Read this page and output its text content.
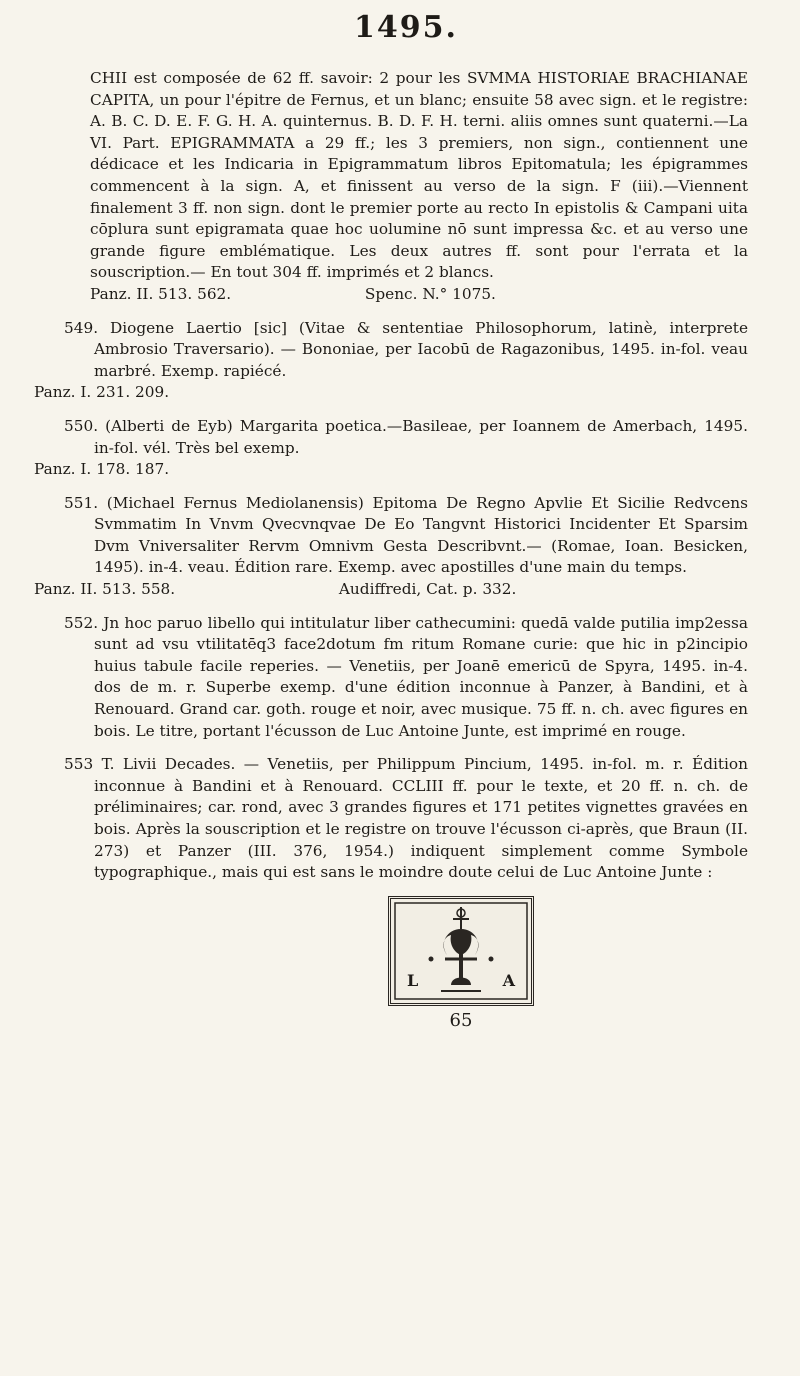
1495.
CHII est composée de 62 ff. savoir: 2 pour les SVMMA HISTORIAE BRACHIANAE CAPITA, un pour l'épitre de Fernus, et un blanc; ensuite 58 avec sign. et le registre: A. B. C. D. E. F. G. H. A. quinternus. B. D. F. H. terni. aliis omnes sunt quaterni.—La VI. Part. EPIGRAMMATA a 29 ff.; les 3 premiers, non sign., contiennent une dédicace et les Indicaria in Epigrammatum libros Epitomatula; les épigrammes commencent à la sign. A, et finissent au verso de la sign. F (iii).—Viennent finalement 3 ff. non sign. dont le premier porte au recto In epistolis & Campani uita cōplura sunt epigramata quae hoc uolumine nō sunt impressa &c. et au verso une grande figure emblématique. Les deux autres ff. sont pour l'errata et la souscription.— En tout 304 ff. imprimés et 2 blancs.
Panz. II. 513. 562.	Spenc. N.° 1075.
549. Diogene Laertio [sic] (Vitae & sententiae Philosophorum, latinè, interprete Ambrosio Traversario). — Bononiae, per Iacobū de Ragazonibus, 1495. in-fol. veau marbré. Exemp. rapiécé.
Panz. I. 231. 209.
550. (Alberti de Eyb) Margarita poetica.—Basileae, per Ioannem de Amerbach, 1495. in-fol. vél. Très bel exemp.
Panz. I. 178. 187.
551. (Michael Fernus Mediolanensis) Epitoma De Regno Apvlie Et Sicilie Redvcens Svmmatim In Vnvm Qvecvnqvae De Eo Tangvnt Historici Incidenter Et Sparsim Dvm Vniversaliter Rervm Omnivm Gesta Describvnt.— (Romae, Ioan. Besicken, 1495). in-4. veau. Édition rare. Exemp. avec apostilles d'une main du temps.
Panz. II. 513. 558.	Audiffredi, Cat. p. 332.
552. Jn hoc paruo libello qui intitulatur liber cathecumini: quedā valde putilia imp2essa sunt ad vsu vtilitatēq3 face2dotum fm ritum Romane curie: que hic in p2incipio huius tabule facile reperies. — Venetiis, per Joanē emericū de Spyra, 1495. in-4. dos de m. r. Superbe exemp. d'une édition inconnue à Panzer, à Bandini, et à Renouard. Grand car. goth. rouge et noir, avec musique. 75 ff. n. ch. avec figures en bois. Le titre, portant l'écusson de Luc Antoine Junte, est imprimé en rouge.
553 T. Livii Decades. — Venetiis, per Philippum Pincium, 1495. in-fol. m. r. Édition inconnue à Bandini et à Renouard. CCLIII ff. pour le texte, et 20 ff. n. ch. de préliminaires; car. rond, avec 3 grandes figures et 171 petites vignettes gravées en bois. Après la souscription et le registre on trouve l'écusson ci-après, que Braun (II. 273) et Panzer (III. 376, 1954.) indiquent simplement comme Symbole typographique., mais qui est sans le moindre doute celui de Luc Antoine Junte :
L	A
65
